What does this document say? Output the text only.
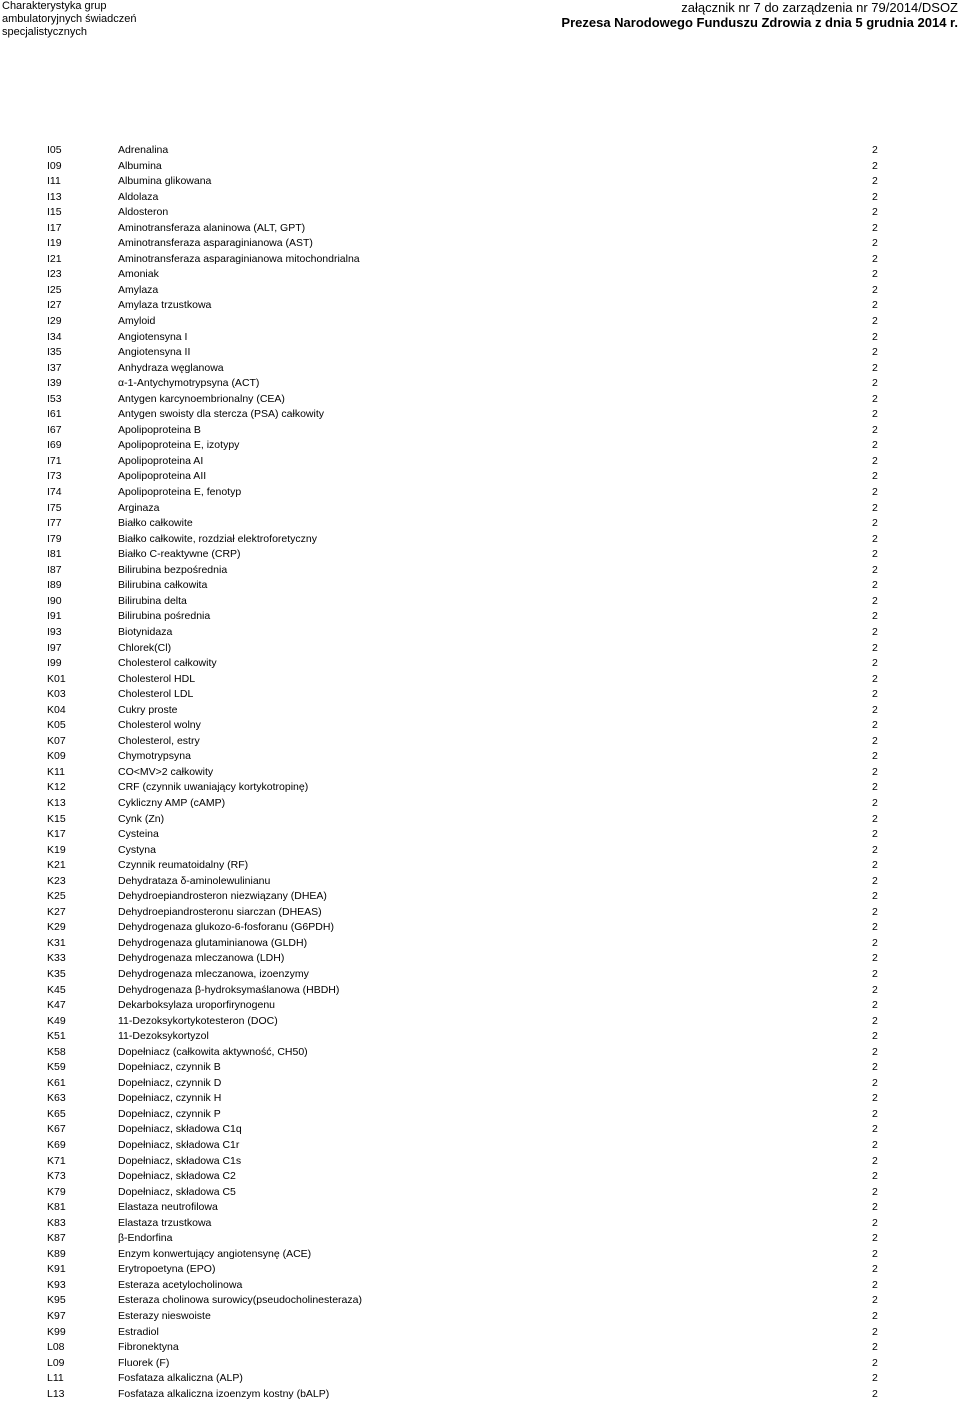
Charakterystyka grup
ambulatoryjnych świadczeń
specjalistycznych
załącznik nr 7 do zarządzenia nr 79/2014/DSOZ
Prezesa Narodowego Funduszu Zdrowia z dnia 5 grudnia 2014 r.
I05	Adrenalina	2
I09	Albumina	2
I11	Albumina glikowana	2
I13	Aldolaza	2
I15	Aldosteron	2
I17	Aminotransferaza alaninowa (ALT, GPT)	2
I19	Aminotransferaza asparaginianowa (AST)	2
I21	Aminotransferaza asparaginianowa mitochondrialna	2
I23	Amoniak	2
I25	Amylaza	2
I27	Amylaza trzustkowa	2
I29	Amyloid	2
I34	Angiotensyna I	2
I35	Angiotensyna II	2
I37	Anhydraza węglanowa	2
I39	α-1-Antychymotrypsyna (ACT)	2
I53	Antygen karcynoembrionalny (CEA)	2
I61	Antygen swoisty dla stercza (PSA) całkowity	2
I67	Apolipoproteina B	2
I69	Apolipoproteina E, izotypy	2
I71	Apolipoproteina AI	2
I73	Apolipoproteina AII	2
I74	Apolipoproteina E, fenotyp	2
I75	Arginaza	2
I77	Białko całkowite	2
I79	Białko całkowite, rozdział elektroforetyczny	2
I81	Białko C-reaktywne (CRP)	2
I87	Bilirubina bezpośrednia	2
I89	Bilirubina całkowita	2
I90	Bilirubina delta	2
I91	Bilirubina pośrednia	2
I93	Biotynidaza	2
I97	Chlorek(Cl)	2
I99	Cholesterol całkowity	2
K01	Cholesterol HDL	2
K03	Cholesterol LDL	2
K04	Cukry proste	2
K05	Cholesterol wolny	2
K07	Cholesterol, estry	2
K09	Chymotrypsyna	2
K11	CO<MV>2 całkowity	2
K12	CRF (czynnik uwaniający kortykotropinę)	2
K13	Cykliczny AMP (cAMP)	2
K15	Cynk (Zn)	2
K17	Cysteina	2
K19	Cystyna	2
K21	Czynnik reumatoidalny (RF)	2
K23	Dehydrataza δ-aminolewulinianu	2
K25	Dehydroepiandrosteron niezwiązany (DHEA)	2
K27	Dehydroepiandrosteronu siarczan (DHEAS)	2
K29	Dehydrogenaza glukozo-6-fosforanu (G6PDH)	2
K31	Dehydrogenaza glutaminianowa (GLDH)	2
K33	Dehydrogenaza mleczanowa (LDH)	2
K35	Dehydrogenaza mleczanowa, izoenzymy	2
K45	Dehydrogenaza β-hydroksymaślanowa (HBDH)	2
K47	Dekarboksylaza uroporfirynogenu	2
K49	11-Dezoksykortykotesteron (DOC)	2
K51	11-Dezoksykortyzol	2
K58	Dopełniacz (całkowita aktywność, CH50)	2
K59	Dopełniacz, czynnik B	2
K61	Dopełniacz, czynnik D	2
K63	Dopełniacz, czynnik H	2
K65	Dopełniacz, czynnik P	2
K67	Dopełniacz, składowa C1q	2
K69	Dopełniacz, składowa C1r	2
K71	Dopełniacz, składowa C1s	2
K73	Dopełniacz, składowa C2	2
K79	Dopełniacz, składowa C5	2
K81	Elastaza neutrofilowa	2
K83	Elastaza trzustkowa	2
K87	β-Endorfina	2
K89	Enzym konwertujący angiotensynę (ACE)	2
K91	Erytropoetyna (EPO)	2
K93	Esteraza acetylocholinowa	2
K95	Esteraza cholinowa surowicy(pseudocholinesteraza)	2
K97	Esterazy nieswoiste	2
K99	Estradiol	2
L08	Fibronektyna	2
L09	Fluorek (F)	2
L11	Fosfataza alkaliczna (ALP)	2
L13	Fosfataza alkaliczna izoenzym kostny (bALP)	2
